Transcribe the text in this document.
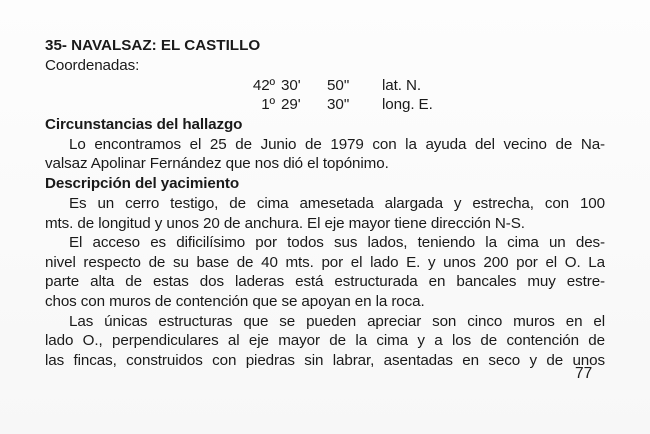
35- NAVALSAZ: EL CASTILLO

Coordenadas:

42º 30' 50'' lat. N.
1º 29' 30'' long. E.

Circunstancias del hallazgo

Lo encontramos el 25 de Junio de 1979 con la ayuda del vecino de Na-

valsaz Apolinar Fernández que nos dió el topónimo.

Descripción del yacimiento

Es un cerro testigo, de cima amesetada alargada y estrecha, con 100

mts. de longitud y unos 20 de anchura. El eje mayor tiene dirección N-S.

El acceso es dificilísimo por todos sus lados, teniendo la cima un des-

nivel respecto de su base de 40 mts. por el lado E. y unos 200 por el O. La

parte alta de estas dos laderas está estructurada en bancales muy estre-

chos con muros de contención que se apoyan en la roca.

Las únicas estructuras que se pueden apreciar son cinco muros en el

lado O., perpendiculares al eje mayor de la cima y a los de contención de

las fincas, construidos con piedras sin labrar, asentadas en seco y de unos

77
